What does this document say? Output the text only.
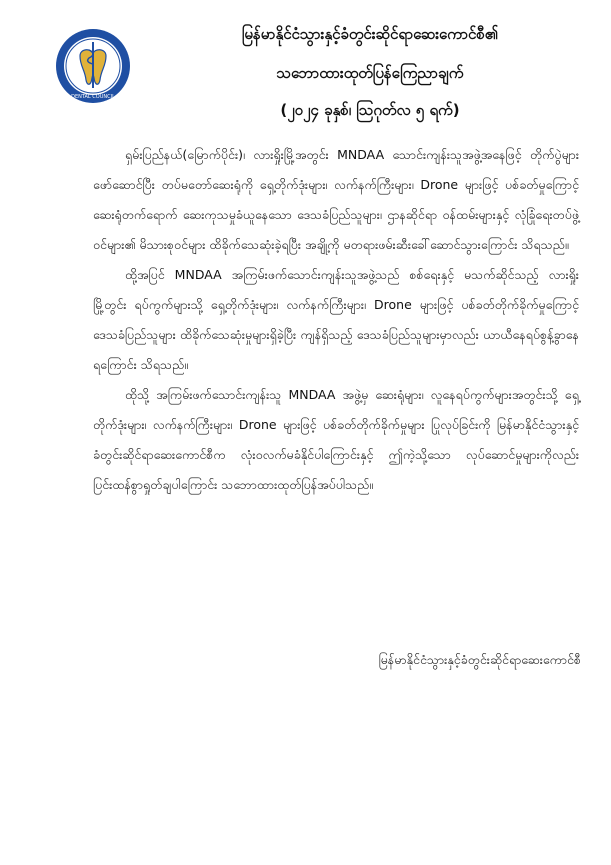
DENTAL COUNCIL
မြန်မာနိုင်ငံသွားနှင့်ခံတွင်းဆိုင်ရာဆေးကောင်စီ၏
သဘောထားထုတ်ပြန်ကြေညာချက်
(၂၀၂၄ ခုနှစ်၊ ဩဂုတ်လ ၅ ရက်)

ရှမ်းပြည်နယ်(မြောက်ပိုင်း)၊ လားရှိုးမြို့အတွင်း MNDAA သောင်းကျန်းသူအဖွဲ့အနေဖြင့် တိုက်ပွဲများဖော်ဆောင်ပြီး တပ်မတော်ဆေးရုံကို ရှေ့တိုက်ဒုံးများ၊ လက်နက်ကြီးများ၊ Drone များဖြင့် ပစ်ခတ်မှုကြောင့် ဆေးရုံတက်ရောက် ဆေးကုသမှုခံယူနေသော ဒေသခံပြည်သူများ၊ ဌာနဆိုင်ရာ ဝန်ထမ်းများနှင့် လုံခြုံရေးတပ်ဖွဲ့ဝင်များ၏ မိသားစုဝင်များ ထိခိုက်သေဆုံးခဲ့ရပြီး အချို့ကို မတရားဖမ်းဆီးခေါ်ဆောင်သွားကြောင်း သိရသည်။

ထို့အပြင် MNDAA အကြမ်းဖက်သောင်းကျန်းသူအဖွဲ့သည် စစ်ရေးနှင့် မသက်ဆိုင်သည့် လားရှိုးမြို့တွင်း ရပ်ကွက်များသို့ ရှေ့တိုက်ဒုံးများ၊ လက်နက်ကြီးများ၊ Drone များဖြင့် ပစ်ခတ်တိုက်ခိုက်မှုကြောင့် ဒေသခံပြည်သူများ ထိခိုက်သေဆုံးမှုများရှိခဲ့ပြီး ကျန်ရှိသည့် ဒေသခံပြည်သူများမှာလည်း ယာယီနေရပ်စွန့်ခွာနေရကြောင်း သိရသည်။

ထိုသို့ အကြမ်းဖက်သောင်းကျန်းသူ MNDAA အဖွဲ့မှ ဆေးရုံများ၊ လူနေရပ်ကွက်များအတွင်းသို့ ရှေ့တိုက်ဒုံးများ၊ လက်နက်ကြီးများ၊ Drone များဖြင့် ပစ်ခတ်တိုက်ခိုက်မှုများ ပြုလုပ်ခြင်းကို မြန်မာနိုင်ငံသွားနှင့်ခံတွင်းဆိုင်ရာဆေးကောင်စီက လုံးဝလက်မခံနိုင်ပါကြောင်းနှင့် ဤကဲ့သို့သော လုပ်ဆောင်မှုများကိုလည်း ပြင်းထန်စွာရှုတ်ချပါကြောင်း သဘောထားထုတ်ပြန်အပ်ပါသည်။

မြန်မာနိုင်ငံသွားနှင့်ခံတွင်းဆိုင်ရာဆေးကောင်စီ
